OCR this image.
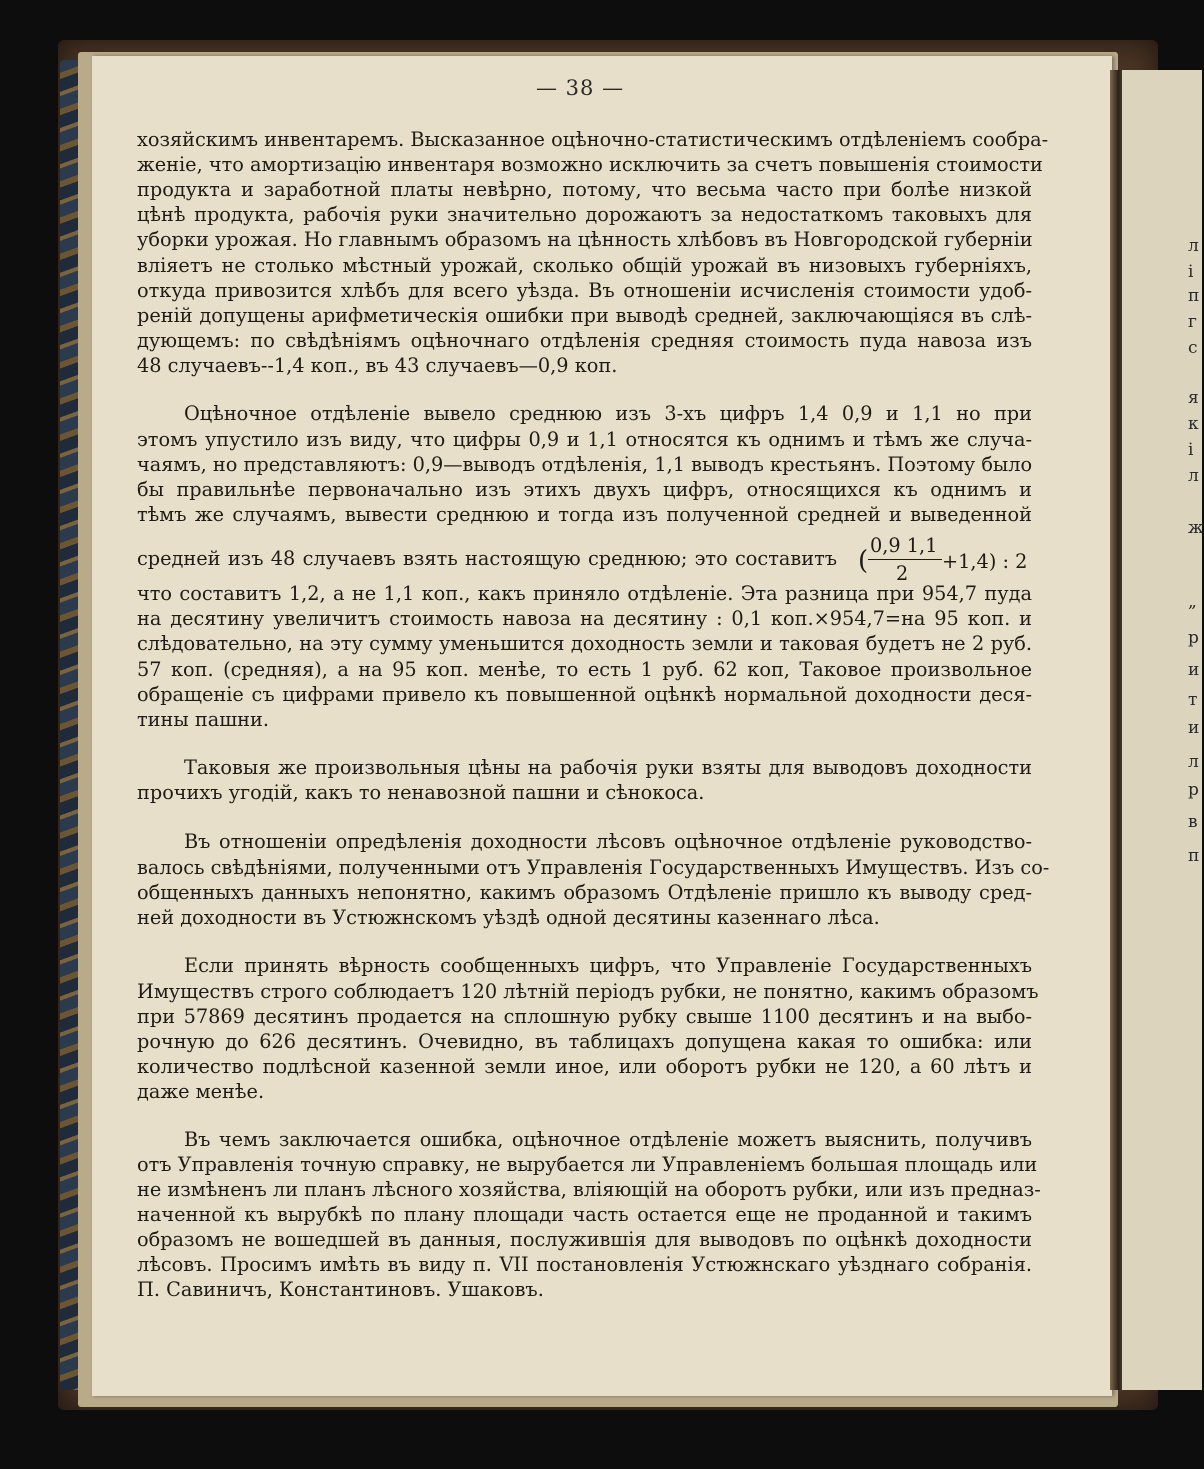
л
і
п
г
с
я
к
і
л
ж
„
р
и
т
и
л
р
в
п
— 38 —

хозяйскимъ инвентаремъ. Высказанное оцѣночно-статистическимъ отдѣленіемъ сообра-

женіе, что амортизацію инвентаря возможно исключить за счетъ повышенія стоимости

продукта и заработной платы невѣрно, потому, что весьма часто при болѣе низкой

цѣнѣ продукта, рабочія руки значительно дорожаютъ за недостаткомъ таковыхъ для

уборки урожая. Но главнымъ образомъ на цѣнность хлѣбовъ въ Новгородской губерніи

вліяетъ не столько мѣстный урожай, сколько общій урожай въ низовыхъ губерніяхъ,

откуда привозится хлѣбъ для всего уѣзда. Въ отношеніи исчисленія стоимости удоб-

реній допущены арифметическія ошибки при выводѣ средней, заключающіяся въ слѣ-

дующемъ: по свѣдѣніямъ оцѣночнаго отдѣленія средняя стоимость пуда навоза изъ

48 случаевъ--1,4 коп., въ 43 случаевъ—0,9 коп.

Оцѣночное отдѣленіе вывело среднюю изъ 3-хъ цифръ 1,4 0,9 и 1,1 но при

этомъ упустило изъ виду, что цифры 0,9 и 1,1 относятся къ однимъ и тѣмъ же случа-

чаямъ, но представляютъ: 0,9—выводъ отдѣленія, 1,1 выводъ крестьянъ. Поэтому было

бы правильнѣе первоначально изъ этихъ двухъ цифръ, относящихся къ однимъ и

тѣмъ же случаямъ, вывести среднюю и тогда изъ полученной средней и выведенной

средней изъ 48 случаевъ взять настоящую среднюю; это составитъ

что составитъ 1,2, а не 1,1 коп., какъ приняло отдѣленіе. Эта разница при 954,7 пуда

на десятину увеличитъ стоимость навоза на десятину : 0,1 коп.×954,7=на 95 коп. и

слѣдовательно, на эту сумму уменьшится доходность земли и таковая будетъ не 2 руб.

57 коп. (средняя), а на 95 коп. менѣе, то есть 1 руб. 62 коп, Таковое произвольное

обращеніе съ цифрами привело къ повышенной оцѣнкѣ нормальной доходности деся-

тины пашни.

Таковыя же произвольныя цѣны на рабочія руки взяты для выводовъ доходности

прочихъ угодій, какъ то ненавозной пашни и сѣнокоса.

Въ отношеніи опредѣленія доходности лѣсовъ оцѣночное отдѣленіе руководство-

валось свѣдѣніями, полученными отъ Управленія Государственныхъ Имуществъ. Изъ со-

общенныхъ данныхъ непонятно, какимъ образомъ Отдѣленіе пришло къ выводу сред-

ней доходности въ Устюжнскомъ уѣздѣ одной десятины казеннаго лѣса.

Если принять вѣрность сообщенныхъ цифръ, что Управленіе Государственныхъ

Имуществъ строго соблюдаетъ 120 лѣтній періодъ рубки, не понятно, какимъ образомъ

при 57869 десятинъ продается на сплошную рубку свыше 1100 десятинъ и на выбо-

рочную до 626 десятинъ. Очевидно, въ таблицахъ допущена какая то ошибка: или

количество подлѣсной казенной земли иное, или оборотъ рубки не 120, а 60 лѣтъ и

даже менѣе.

Въ чемъ заключается ошибка, оцѣночное отдѣленіе можетъ выяснить, получивъ

отъ Управленія точную справку, не вырубается ли Управленіемъ большая площадь или

не измѣненъ ли планъ лѣсного хозяйства, вліяющій на оборотъ рубки, или изъ предназ-

наченной къ вырубкѣ по плану площади часть остается еще не проданной и такимъ

образомъ не вошедшей въ данныя, послужившія для выводовъ по оцѣнкѣ доходности

лѣсовъ. Просимъ имѣть въ виду п. VII постановленія Устюжнскаго уѣзднаго собранія.

П. Савиничъ, Константиновъ. Ушаковъ.

(
0,9 1,1
2
+1,4) : 2
